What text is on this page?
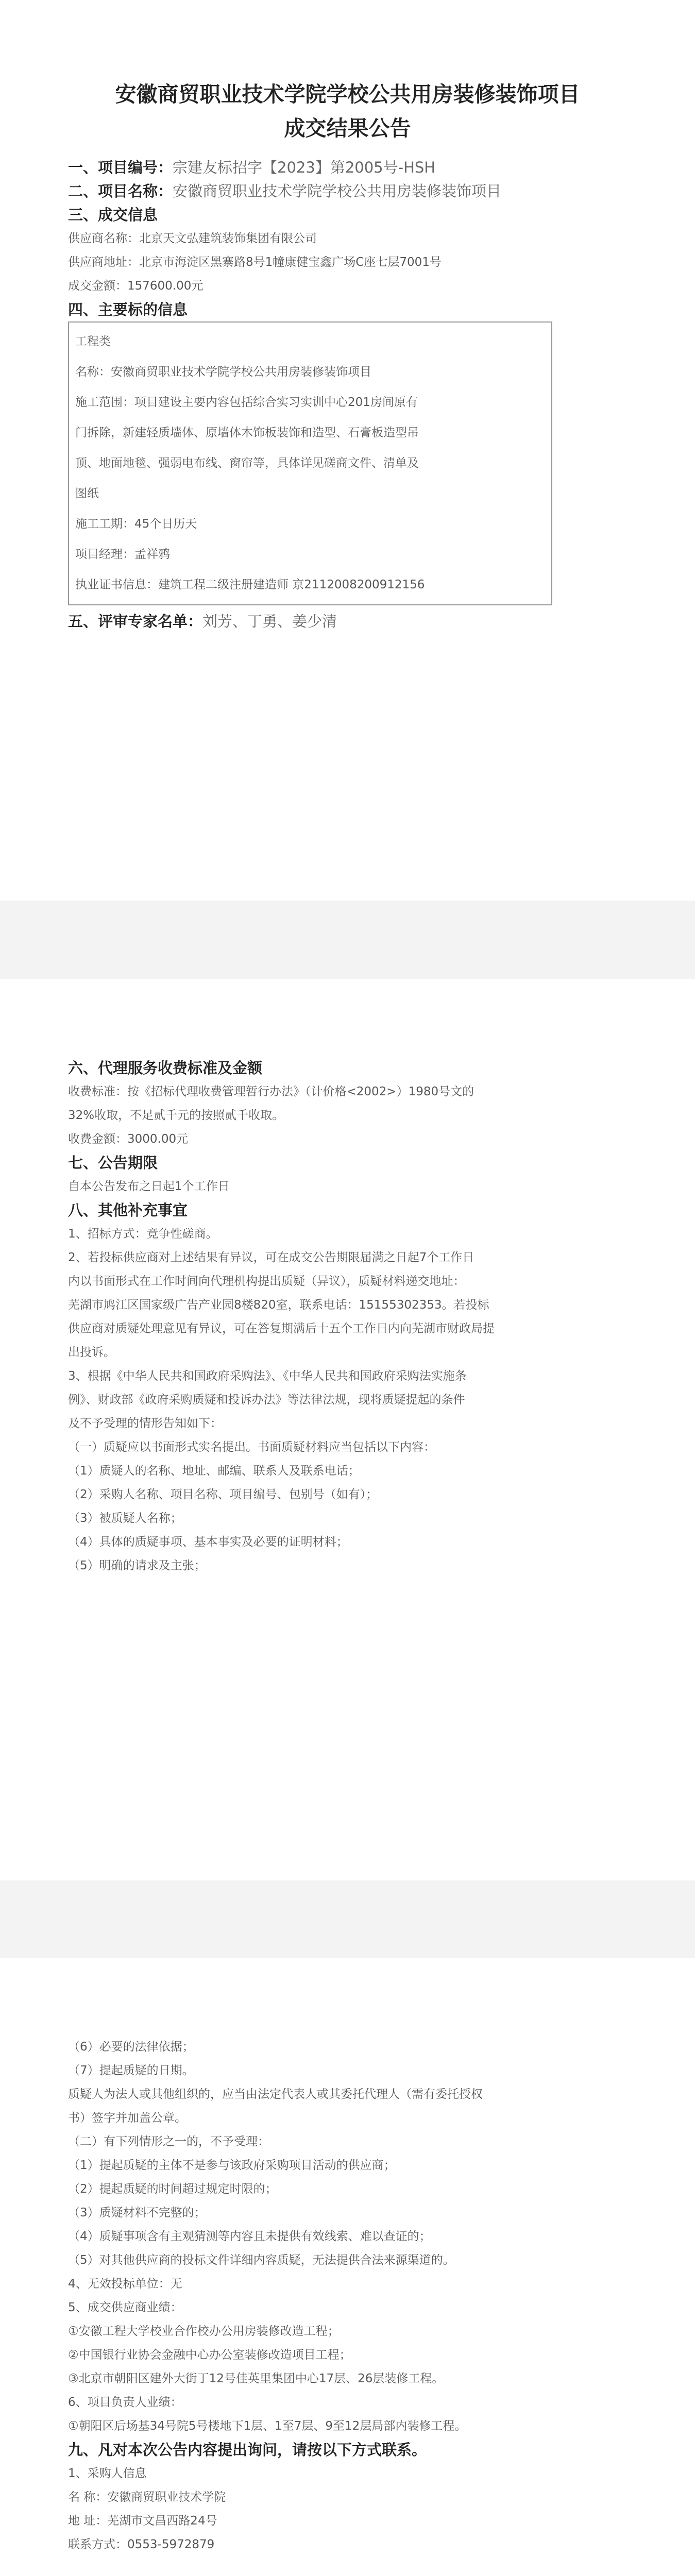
安徽商贸职业技术学院学校公共用房装修装饰项目
成交结果公告

一、项目编号：宗建友标招字【2023】第2005号-HSH

二、项目名称：安徽商贸职业技术学院学校公共用房装修装饰项目

三、成交信息

供应商名称：北京天文弘建筑装饰集团有限公司

供应商地址：北京市海淀区黑寨路8号1幢康健宝鑫广场C座七层7001号

成交金额：157600.00元

四、主要标的信息

工程类

名称：安徽商贸职业技术学院学校公共用房装修装饰项目

施工范围：项目建设主要内容包括综合实习实训中心201房间原有

门拆除，新建轻质墙体、原墙体木饰板装饰和造型、石膏板造型吊

顶、地面地毯、强弱电布线、窗帘等，具体详见磋商文件、清单及

图纸

施工工期：45个日历天

项目经理：孟祥鸦

执业证书信息：建筑工程二级注册建造师 京2112008200912156

五、评审专家名单：刘芳、丁勇、姜少清

六、代理服务收费标准及金额

收费标准：按《招标代理收费管理暂行办法》（计价格<2002>）1980号文的

32%收取，不足贰千元的按照贰千收取。

收费金额：3000.00元

七、公告期限

自本公告发布之日起1个工作日

八、其他补充事宜

1、招标方式：竞争性磋商。

2、若投标供应商对上述结果有异议，可在成交公告期限届满之日起7个工作日

内以书面形式在工作时间向代理机构提出质疑（异议），质疑材料递交地址：

芜湖市鸠江区国家级广告产业园8楼820室，联系电话：15155302353。若投标

供应商对质疑处理意见有异议，可在答复期满后十五个工作日内向芜湖市财政局提

出投诉。

3、根据《中华人民共和国政府采购法》、《中华人民共和国政府采购法实施条

例》、财政部《政府采购质疑和投诉办法》等法律法规，现将质疑提起的条件

及不予受理的情形告知如下：

（一）质疑应以书面形式实名提出。书面质疑材料应当包括以下内容：

（1）质疑人的名称、地址、邮编、联系人及联系电话；

（2）采购人名称、项目名称、项目编号、包别号（如有）；

（3）被质疑人名称；

（4）具体的质疑事项、基本事实及必要的证明材料；

（5）明确的请求及主张；

（6）必要的法律依据；

（7）提起质疑的日期。

质疑人为法人或其他组织的，应当由法定代表人或其委托代理人（需有委托授权

书）签字并加盖公章。

（二）有下列情形之一的，不予受理：

（1）提起质疑的主体不是参与该政府采购项目活动的供应商；

（2）提起质疑的时间超过规定时限的；

（3）质疑材料不完整的；

（4）质疑事项含有主观猜测等内容且未提供有效线索、难以查证的；

（5）对其他供应商的投标文件详细内容质疑，无法提供合法来源渠道的。

4、无效投标单位：无

5、成交供应商业绩：

①安徽工程大学校业合作校办公用房装修改造工程；

②中国银行业协会金融中心办公室装修改造项目工程；

③北京市朝阳区建外大街丁12号佳英里集团中心17层、26层装修工程。

6、项目负责人业绩：

①朝阳区后场基34号院5号楼地下1层、1至7层、9至12层局部内装修工程。

九、凡对本次公告内容提出询问，请按以下方式联系。

1、采购人信息

名 称：安徽商贸职业技术学院

地 址：芜湖市文昌西路24号

联系方式：0553-5972879
